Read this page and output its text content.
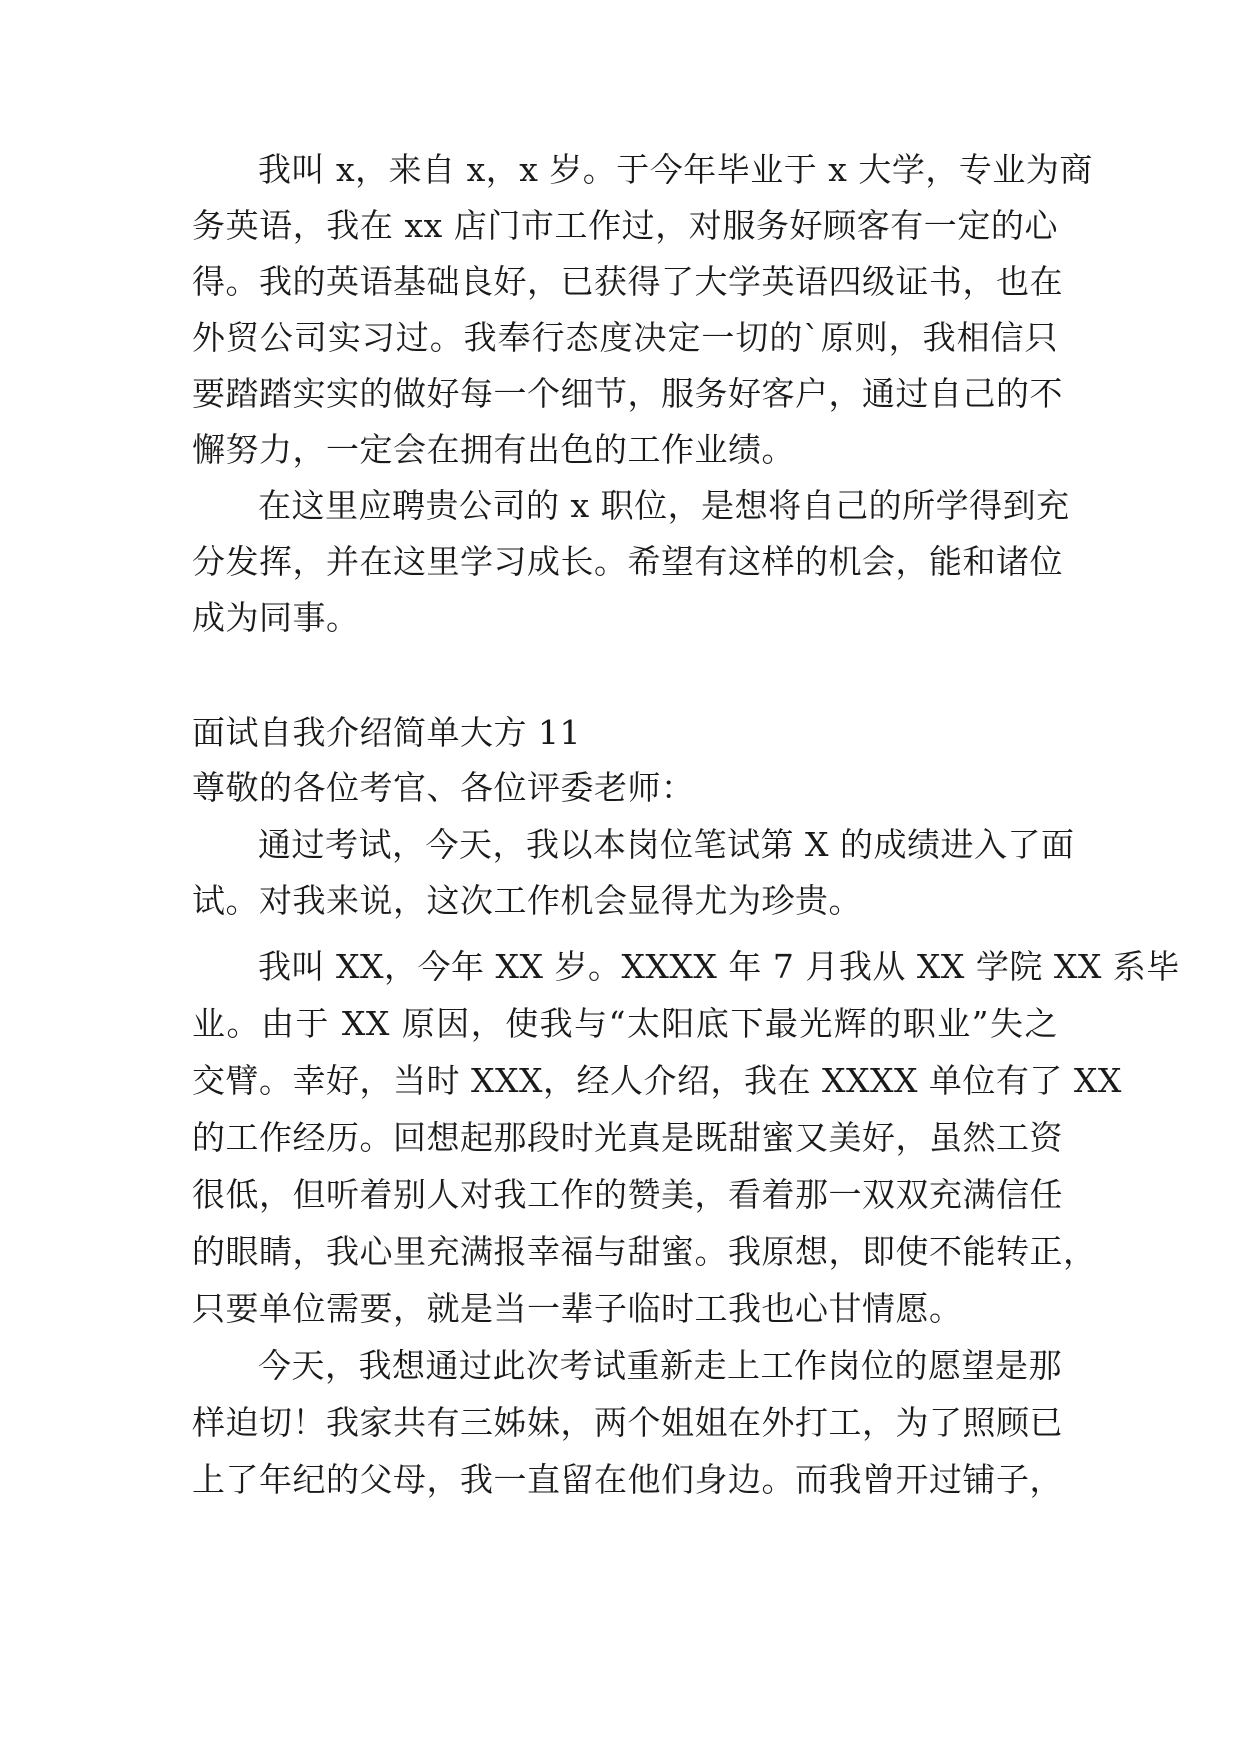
我叫 x，来自 x，x 岁。于今年毕业于 x 大学，专业为商
务英语，我在 xx 店门市工作过，对服务好顾客有一定的心
得。我的英语基础良好，已获得了大学英语四级证书，也在
外贸公司实习过。我奉行态度决定一切的`原则，我相信只
要踏踏实实的做好每一个细节，服务好客户，通过自己的不
懈努力，一定会在拥有出色的工作业绩。
在这里应聘贵公司的 x 职位，是想将自己的所学得到充
分发挥，并在这里学习成长。希望有这样的机会，能和诸位
成为同事。
面试自我介绍简单大方 11
尊敬的各位考官、各位评委老师：
通过考试，今天，我以本岗位笔试第 X 的成绩进入了面
试。对我来说，这次工作机会显得尤为珍贵。
我叫 XX，今年 XX 岁。XXXX 年 7 月我从 XX 学院 XX 系毕
业。由于 XX 原因，使我与“太阳底下最光辉的职业”失之
交臂。幸好，当时 XXX，经人介绍，我在 XXXX 单位有了 XX
的工作经历。回想起那段时光真是既甜蜜又美好，虽然工资
很低，但听着别人对我工作的赞美，看着那一双双充满信任
的眼睛，我心里充满报幸福与甜蜜。我原想，即使不能转正，
只要单位需要，就是当一辈子临时工我也心甘情愿。
今天，我想通过此次考试重新走上工作岗位的愿望是那
样迫切！我家共有三姊妹，两个姐姐在外打工，为了照顾已
上了年纪的父母，我一直留在他们身边。而我曾开过铺子，
